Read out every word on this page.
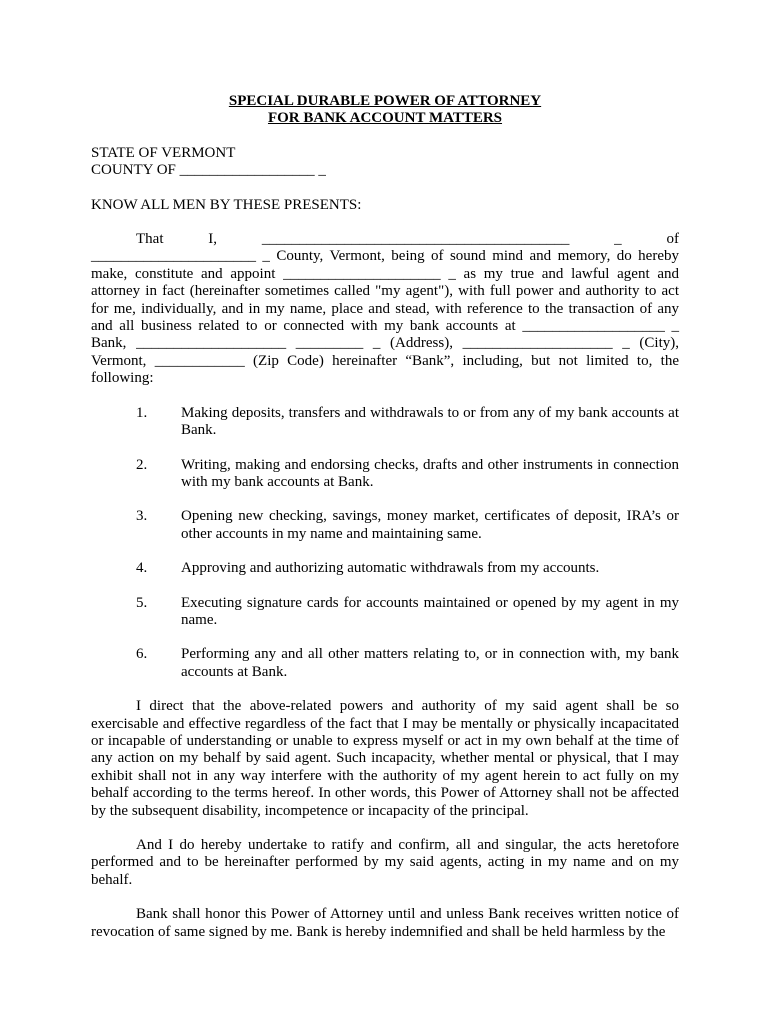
SPECIAL DURABLE POWER OF ATTORNEY

FOR BANK ACCOUNT MATTERS

STATE OF VERMONT

COUNTY OF __________________ _

KNOW ALL MEN BY THESE PRESENTS:

That I, _________________________________________ _ of ______________________ _ County, Vermont, being of sound mind and memory, do hereby make, constitute and appoint _____________________ _ as my true and lawful agent and attorney in fact (hereinafter sometimes called "my agent"), with full power and authority to act for me, individually, and in my name, place and stead, with reference to the transaction of any and all business related to or connected with my bank accounts at ___________________ _ Bank, ____________________ _________ _ (Address), ____________________ _ (City), Vermont, ____________ (Zip Code) hereinafter “Bank”, including, but not limited to, the following:

1.	Making deposits, transfers and withdrawals to or from any of my bank accounts at Bank.
2.	Writing, making and endorsing checks, drafts and other instruments in connection with my bank accounts at Bank.
3.	Opening new checking, savings, money market, certificates of deposit, IRA’s or other accounts in my name and maintaining same.
4.	Approving and authorizing automatic withdrawals from my accounts.
5.	Executing signature cards for accounts maintained or opened by my agent in my name.
6.	Performing any and all other matters relating to, or in connection with, my bank accounts at Bank.

I direct that the above-related powers and authority of my said agent shall be so exercisable and effective regardless of the fact that I may be mentally or physically incapacitated or incapable of understanding or unable to express myself or act in my own behalf at the time of any action on my behalf by said agent. Such incapacity, whether mental or physical, that I may exhibit shall not in any way interfere with the authority of my agent herein to act fully on my behalf according to the terms hereof. In other words, this Power of Attorney shall not be affected by the subsequent disability, incompetence or incapacity of the principal.

And I do hereby undertake to ratify and confirm, all and singular, the acts heretofore performed and to be hereinafter performed by my said agents, acting in my name and on my behalf.

Bank shall honor this Power of Attorney until and unless Bank receives written notice of revocation of same signed by me. Bank is hereby indemnified and shall be held harmless by the
